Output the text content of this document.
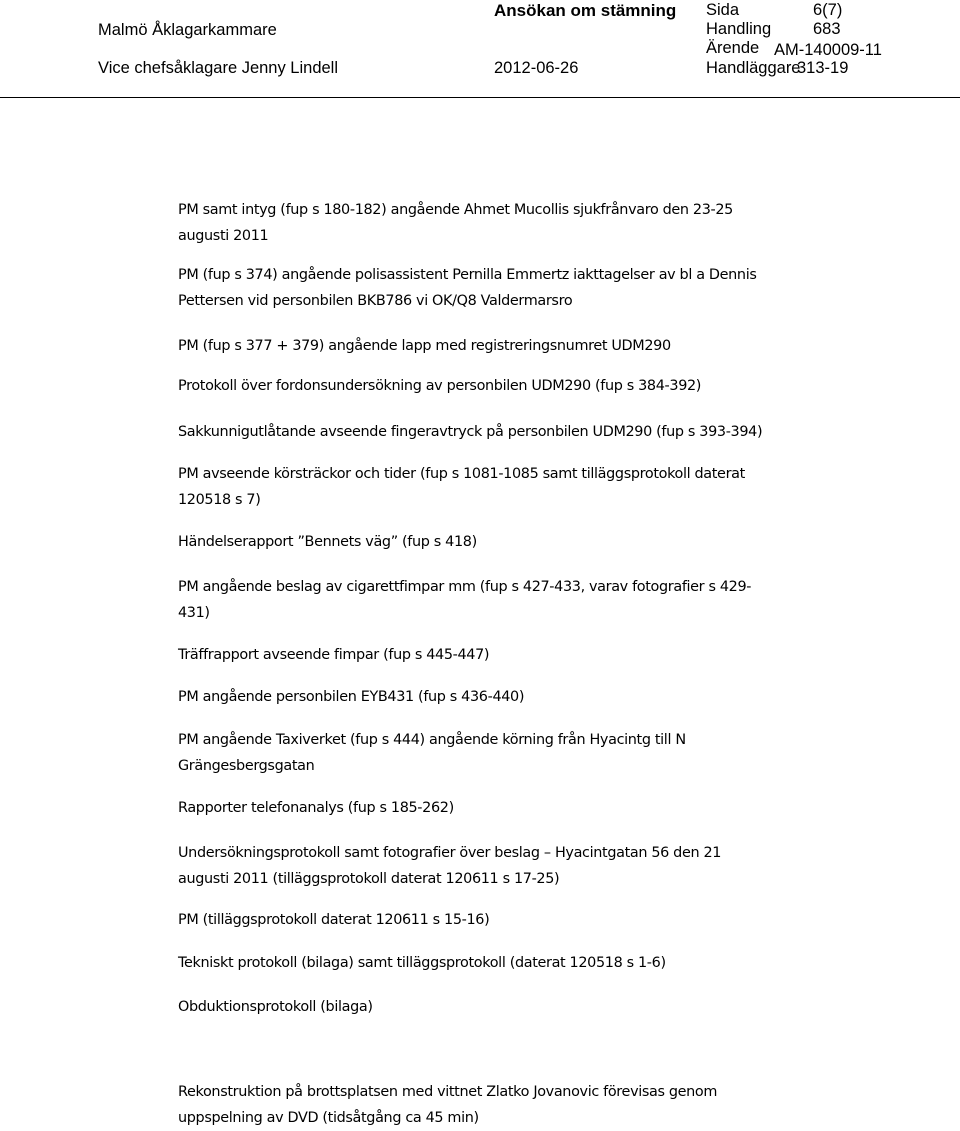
Malmö Åklagarkammare
Vice chefsåklagare Jenny Lindell
Ansökan om stämning
2012-06-26
Sida	6(7)
Handling	683
Ärende AM-140009-11
Handläggare
313-19
PM samt intyg (fup s 180-182) angående Ahmet Mucollis sjukfrånvaro den 23-25
augusti 2011
PM (fup s 374) angående polisassistent Pernilla Emmertz iakttagelser av bl a Dennis
Pettersen vid personbilen BKB786 vi OK/Q8 Valdermarsro
PM (fup s 377 + 379) angående lapp med registreringsnumret UDM290
Protokoll över fordonsundersökning av personbilen UDM290 (fup s 384-392)
Sakkunnigutlåtande avseende fingeravtryck på personbilen UDM290 (fup s 393-394)
PM avseende körsträckor och tider (fup s 1081-1085 samt tilläggsprotokoll daterat
120518 s 7)
Händelserapport ”Bennets väg” (fup s 418)
PM angående beslag av cigarettfimpar mm (fup s 427-433, varav fotografier s 429-
431)
Träffrapport avseende fimpar (fup s 445-447)
PM angående personbilen EYB431 (fup s 436-440)
PM angående Taxiverket (fup s 444) angående körning från Hyacintg till N
Grängesbergsgatan
Rapporter telefonanalys (fup s 185-262)
Undersökningsprotokoll samt fotografier över beslag – Hyacintgatan 56 den 21
augusti 2011 (tilläggsprotokoll daterat 120611 s 17-25)
PM (tilläggsprotokoll daterat 120611 s 15-16)
Tekniskt protokoll (bilaga) samt tilläggsprotokoll (daterat 120518 s 1-6)
Obduktionsprotokoll (bilaga)
Rekonstruktion på brottsplatsen med vittnet Zlatko Jovanovic förevisas genom
uppspelning av DVD (tidsåtgång ca 45 min)
